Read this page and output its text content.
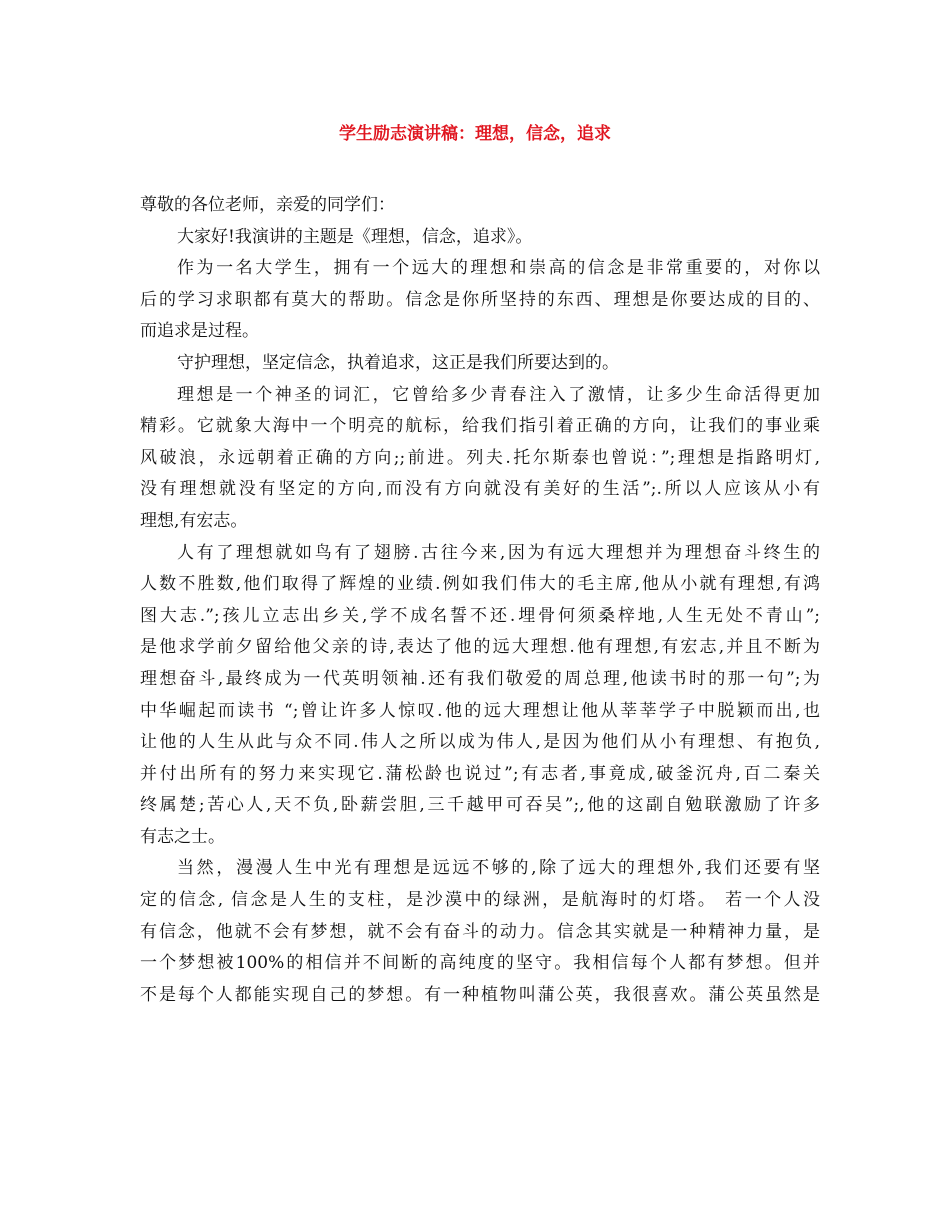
学生励志演讲稿：理想，信念，追求
尊敬的各位老师，亲爱的同学们：
大家好!我演讲的主题是《理想，信念，追求》。
作为一名大学生，拥有一个远大的理想和崇高的信念是非常重要的，对你以
后的学习求职都有莫大的帮助。信念是你所坚持的东西、理想是你要达成的目的、
而追求是过程。
守护理想，坚定信念，执着追求，这正是我们所要达到的。
理想是一个神圣的词汇，它曾给多少青春注入了激情，让多少生命活得更加
精彩。它就象大海中一个明亮的航标，给我们指引着正确的方向，让我们的事业乘
风破浪，永远朝着正确的方向;;前进。列夫.托尔斯泰也曾说：”;理想是指路明灯,
没有理想就没有坚定的方向,而没有方向就没有美好的生活”;.所以人应该从小有
理想,有宏志。
人有了理想就如鸟有了翅膀.古往今来,因为有远大理想并为理想奋斗终生的
人数不胜数,他们取得了辉煌的业绩.例如我们伟大的毛主席,他从小就有理想,有鸿
图大志.”;孩儿立志出乡关,学不成名誓不还.埋骨何须桑梓地,人生无处不青山”;
是他求学前夕留给他父亲的诗,表达了他的远大理想.他有理想,有宏志,并且不断为
理想奋斗,最终成为一代英明领袖.还有我们敬爱的周总理,他读书时的那一句”;为
中华崛起而读书 “;曾让许多人惊叹.他的远大理想让他从莘莘学子中脱颖而出,也
让他的人生从此与众不同.伟人之所以成为伟人,是因为他们从小有理想、有抱负,
并付出所有的努力来实现它.蒲松龄也说过”;有志者,事竟成,破釜沉舟,百二秦关
终属楚;苦心人,天不负,卧薪尝胆,三千越甲可吞吴”;,他的这副自勉联激励了许多
有志之士。
当然，漫漫人生中光有理想是远远不够的,除了远大的理想外,我们还要有坚
定的信念, 信念是人生的支柱，是沙漠中的绿洲，是航海时的灯塔。 若一个人没
有信念，他就不会有梦想，就不会有奋斗的动力。信念其实就是一种精神力量，是
一个梦想被100%的相信并不间断的高纯度的坚守。我相信每个人都有梦想。但并
不是每个人都能实现自己的梦想。有一种植物叫蒲公英，我很喜欢。蒲公英虽然是
